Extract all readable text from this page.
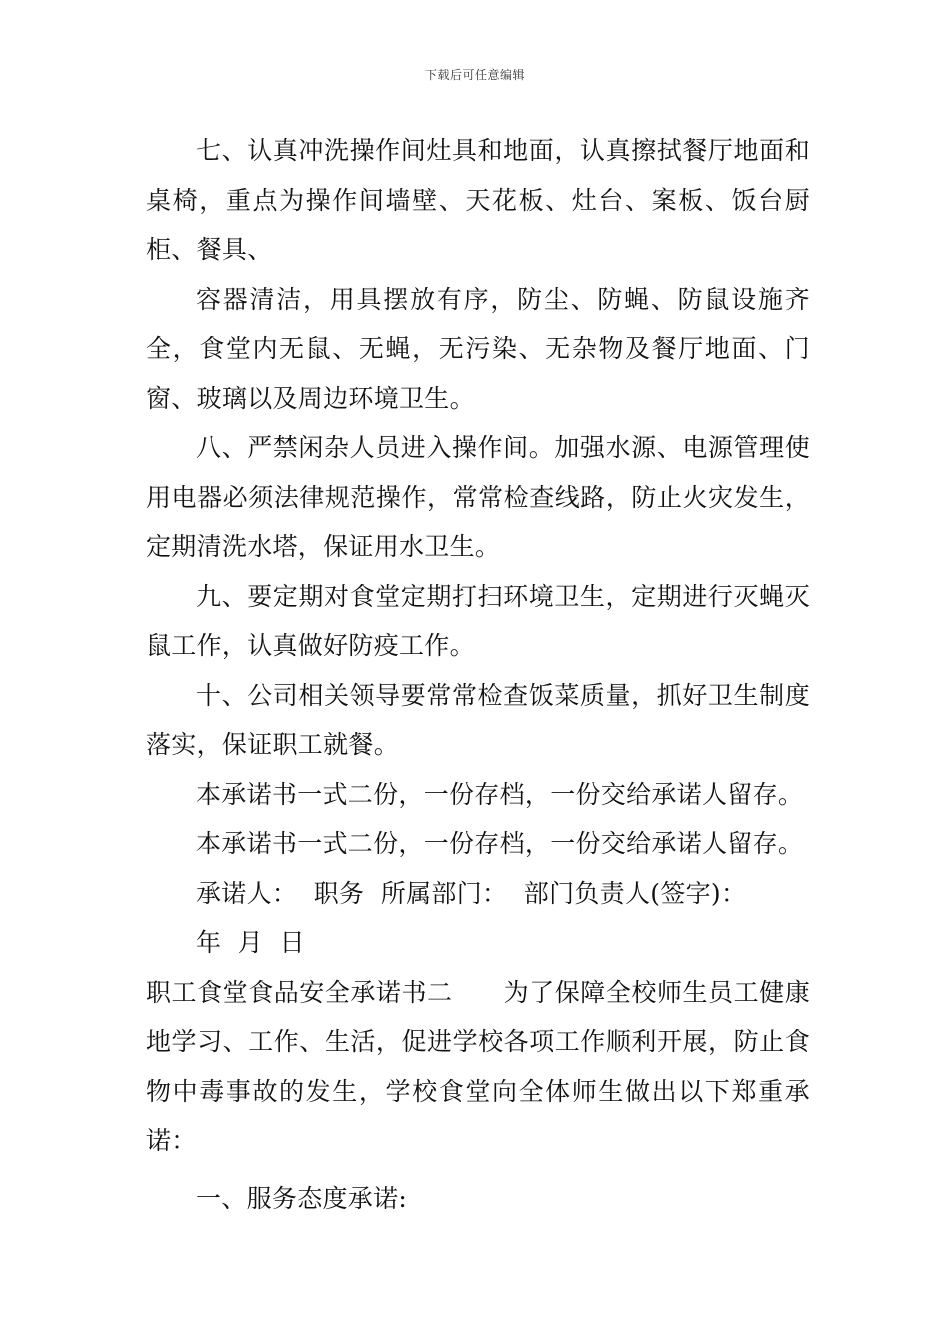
下载后可任意编辑

七、认真冲洗操作间灶具和地面，认真擦拭餐厅地面和桌椅，重点为操作间墙壁、天花板、灶台、案板、饭台厨柜、餐具、

容器清洁，用具摆放有序，防尘、防蝇、防鼠设施齐全，食堂内无鼠、无蝇，无污染、无杂物及餐厅地面、门窗、玻璃以及周边环境卫生。

八、严禁闲杂人员进入操作间。加强水源、电源管理使用电器必须法律规范操作，常常检查线路，防止火灾发生，定期清洗水塔，保证用水卫生。

九、要定期对食堂定期打扫环境卫生，定期进行灭蝇灭鼠工作，认真做好防疫工作。

十、公司相关领导要常常检查饭菜质量，抓好卫生制度落实，保证职工就餐。

本承诺书一式二份，一份存档，一份交给承诺人留存。

本承诺书一式二份，一份存档，一份交给承诺人留存。

承诺人：  职务  所属部门：  部门负责人(签字)：

年  月  日

职工食堂食品安全承诺书二　　为了保障全校师生员工健康地学习、工作、生活，促进学校各项工作顺利开展，防止食物中毒事故的发生，学校食堂向全体师生做出以下郑重承诺：

一、服务态度承诺:
